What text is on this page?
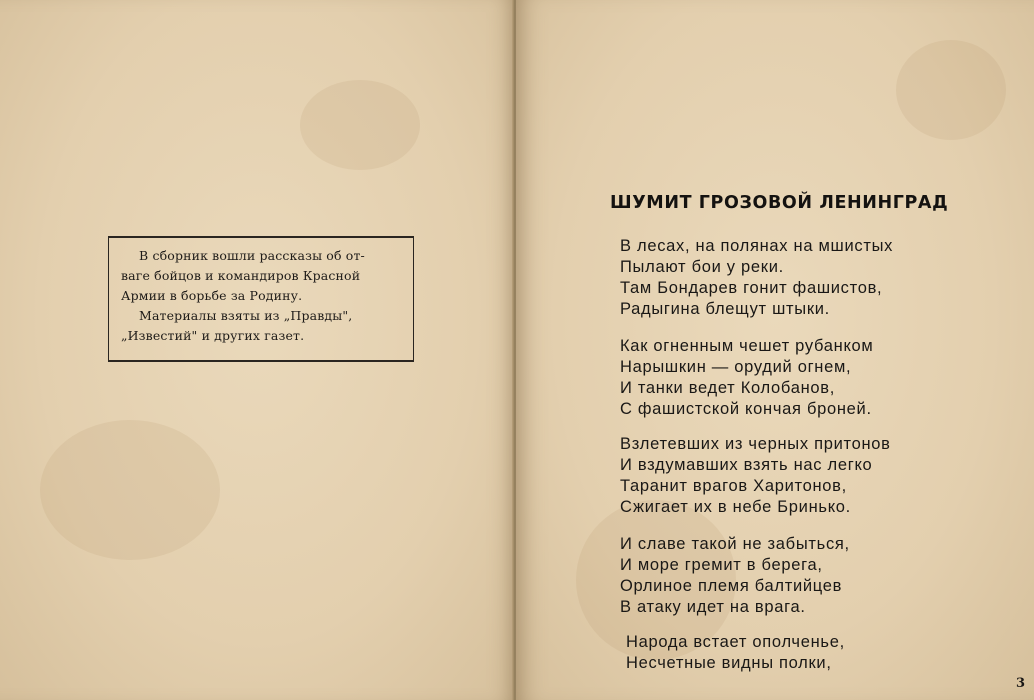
В сборник вошли рассказы об от-
ваге бойцов и командиров Красной
Армии в борьбе за Родину.
Материалы взяты из „Правды",
„Известий" и других газет.
ШУМИТ ГРОЗОВОЙ ЛЕНИНГРАД
В лесах, на полянах на мшистых
Пылают бои у реки.
Там Бондарев гонит фашистов,
Радыгина блещут штыки.
Как огненным чешет рубанком
Нарышкин — орудий огнем,
И танки ведет Колобанов,
С фашистской кончая броней.
Взлетевших из черных притонов
И вздумавших взять нас легко
Таранит врагов Харитонов,
Сжигает их в небе Бринько.
И славе такой не забыться,
И море гремит в берега,
Орлиное племя балтийцев
В атаку идет на врага.
Народа встает ополченье,
Несчетные видны полки,
3
